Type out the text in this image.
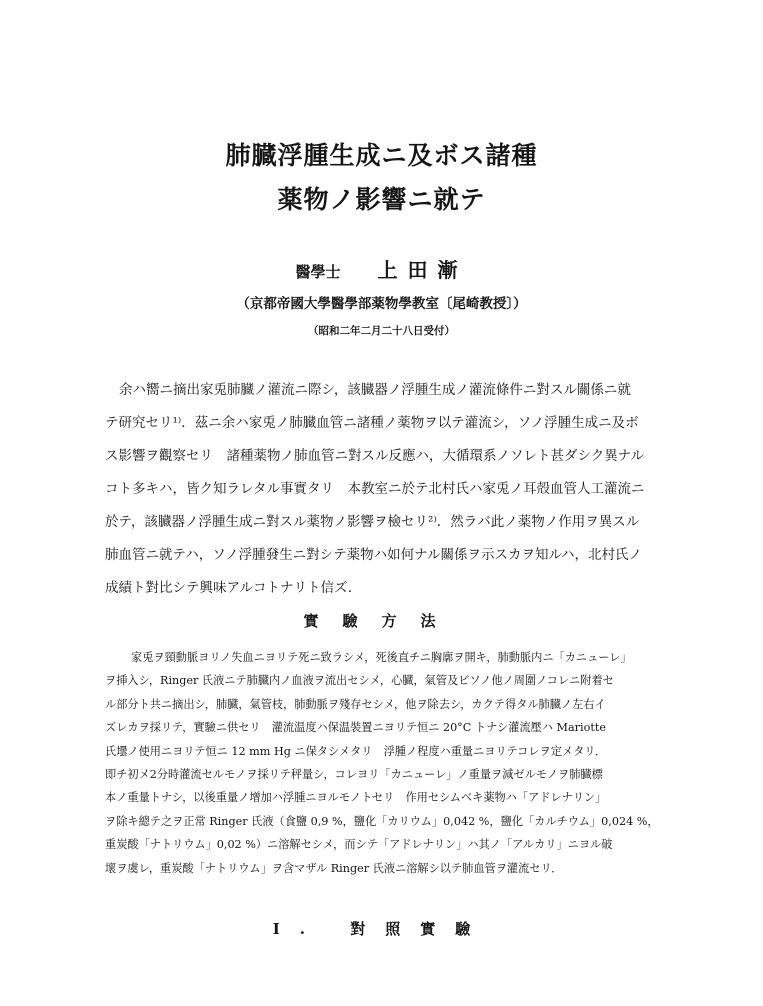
肺臓浮腫生成ニ及ボス諸種
薬物ノ影響ニ就テ
醫學士 上田漸
（京都帝國大學醫學部薬物學教室〔尾崎教授〕）
（昭和二年二月二十八日受付）
余ハ嚮ニ摘出家兎肺臓ノ灌流ニ際シ，該臓器ノ浮腫生成ノ灌流條件ニ對スル關係ニ就
テ研究セリ¹⁾．茲ニ余ハ家兎ノ肺臓血管ニ諸種ノ薬物ヲ以テ灌流シ，ソノ浮腫生成ニ及ボ
ス影響ヲ觀察セリ　諸種薬物ノ肺血管ニ對スル反應ハ，大循環系ノソレト甚ダシク異ナル
コト多キハ，皆ク知ラレタル事實タリ　本教室ニ於テ北村氏ハ家兎ノ耳殻血管人工灌流ニ
於テ，該臓器ノ浮腫生成ニ對スル薬物ノ影響ヲ檢セリ²⁾．然ラバ此ノ薬物ノ作用ヲ異スル
肺血管ニ就テハ，ソノ浮腫發生ニ對シテ薬物ハ如何ナル關係ヲ示スカヲ知ルハ，北村氏ノ
成績ト對比シテ興味アルコトナリト信ズ．
實驗方法
家兎ヲ頸動脈ヨリノ失血ニヨリテ死ニ致ラシメ，死後直チニ胸廓ヲ開キ，肺動脈内ニ「カニューレ」
ヲ挿入シ，Ringer 氏液ニテ肺臓内ノ血液ヲ流出セシメ，心臓，氣管及ビソノ他ノ周圍ノコレニ附着セ
ル部分ト共ニ摘出シ，肺臓，氣管枝，肺動脈ヲ殘存セシメ，他ヲ除去シ，カクテ得タル肺臓ノ左右イ
ズレカヲ採リテ，實驗ニ供セリ　灌流温度ハ保温裝置ニヨリテ恒ニ 20°C トナシ灌流壓ハ Mariotte
氏壜ノ使用ニヨリテ恒ニ 12 mm Hg ニ保タシメタリ　浮腫ノ程度ハ重量ニヨリテコレヲ定メタリ．
即チ初メ2分時灌流セルモノヲ採リテ秤量シ，コレヨリ「カニューレ」ノ重量ヲ減ゼルモノヲ肺臓標
本ノ重量トナシ，以後重量ノ增加ハ浮腫ニヨルモノトセリ　作用セシムベキ薬物ハ「アドレナリン」
ヲ除キ總テ之ヲ正常 Ringer 氏液（食鹽 0,9 %，鹽化「カリウム」0,042 %，鹽化「カルチウム」0,024 %，
重炭酸「ナトリウム」0,02 %）ニ溶解セシメ，而シテ「アドレナリン」ハ其ノ「アルカリ」ニヨル破
壞ヲ虞レ，重炭酸「ナトリウム」ヲ含マザル Ringer 氏液ニ溶解シ以テ肺血管ヲ灌流セリ．
I. 對照實驗
